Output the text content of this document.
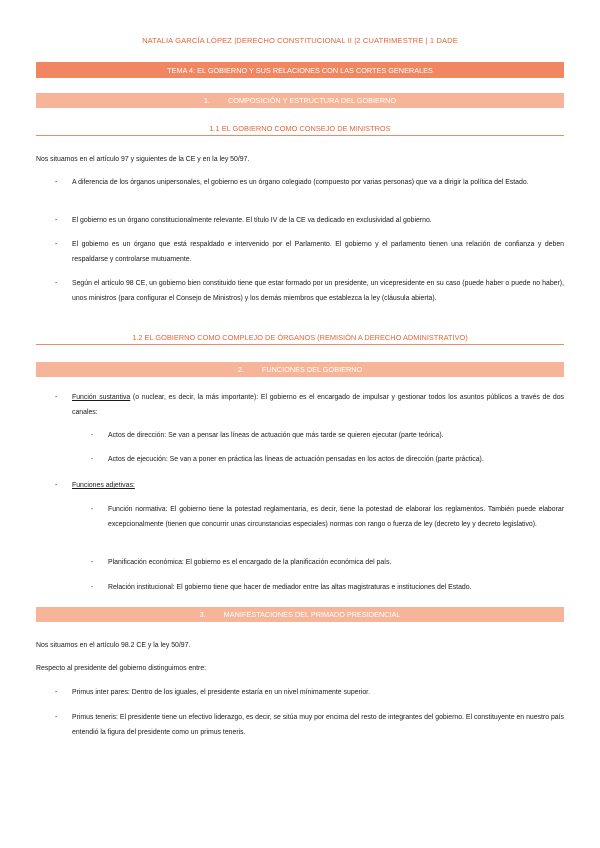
NATALIA GARCÍA LÓPEZ |DERECHO CONSTITUCIONAL II |2 CUATRIMESTRE | 1 DADE
TEMA 4: EL GOBIERNO Y SUS RELACIONES CON LAS CORTES GENERALES
1. COMPOSICIÓN Y ESTRUCTURA DEL GOBIERNO
1.1 EL GOBIERNO COMO CONSEJO DE MINISTROS
Nos situamos en el artículo 97 y siguientes de la CE y en la ley 50/97.
- A diferencia de los órganos unipersonales, el gobierno es un órgano colegiado (compuesto por varias personas) que va a dirigir la política del Estado.
- El gobierno es un órgano constitucionalmente relevante. El título IV de la CE va dedicado en exclusividad al gobierno.
- El gobierno es un órgano que está respaldado e intervenido por el Parlamento. El gobierno y el parlamento tienen una relación de confianza y deben respaldarse y controlarse mutuamente.
- Según el artículo 98 CE, un gobierno bien constituido tiene que estar formado por un presidente, un vicepresidente en su caso (puede haber o puede no haber), unos ministros (para configurar el Consejo de Ministros) y los demás miembros que establezca la ley (cláusula abierta).
1.2 EL GOBIERNO COMO COMPLEJO DE ÓRGANOS (REMISIÓN A DERECHO ADMINISTRATIVO)
2. FUNCIONES DEL GOBIERNO
- Función sustantiva (o nuclear, es decir, la más importante): El gobierno es el encargado de impulsar y gestionar todos los asuntos públicos a través de dos canales:
- Actos de dirección: Se van a pensar las líneas de actuación que más tarde se quieren ejecutar (parte teórica).
- Actos de ejecución: Se van a poner en práctica las líneas de actuación pensadas en los actos de dirección (parte práctica).
- Funciones adjetivas:
- Función normativa: El gobierno tiene la potestad reglamentaria, es decir, tiene la potestad de elaborar los reglamentos. También puede elaborar excepcionalmente (tienen que concurrir unas circunstancias especiales) normas con rango o fuerza de ley (decreto ley y decreto legislativo).
- Planificación económica: El gobierno es el encargado de la planificación económica del país.
- Relación institucional: El gobierno tiene que hacer de mediador entre las altas magistraturas e instituciones del Estado.
3. MANIFESTACIONES DEL PRIMADO PRESIDENCIAL
Nos situamos en el artículo 98.2 CE y la ley 50/97.
Respecto al presidente del gobierno distinguimos entre:
- Primus inter pares: Dentro de los iguales, el presidente estaría en un nivel mínimamente superior.
- Primus teneris: El presidente tiene un efectivo liderazgo, es decir, se sitúa muy por encima del resto de integrantes del gobierno. El constituyente en nuestro país entendió la figura del presidente como un primus teneris.
